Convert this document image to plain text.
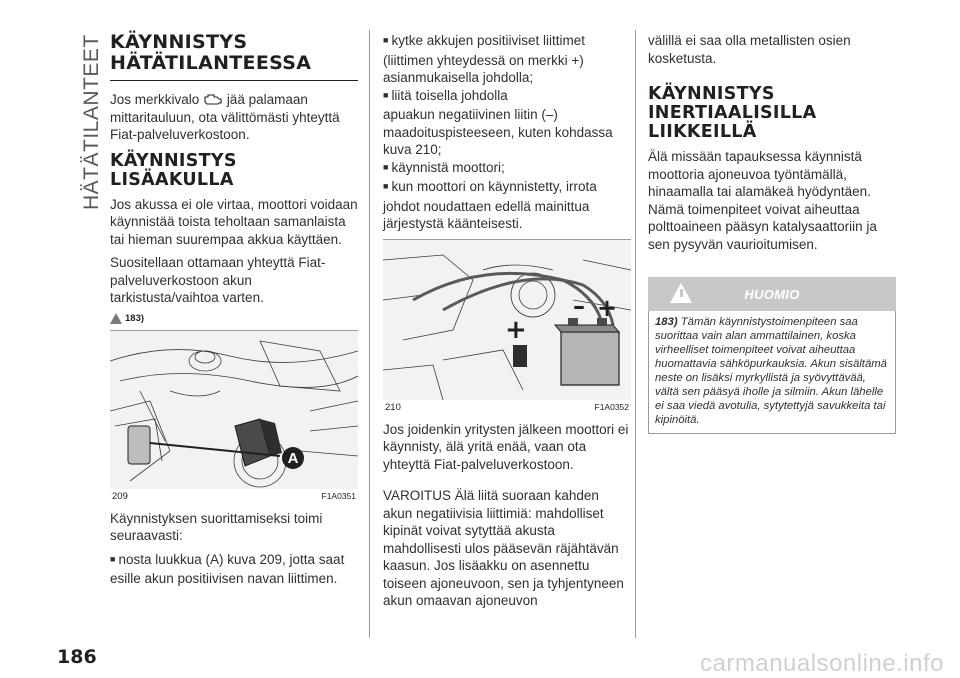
HÄTÄTILANTEET KÄYNNISTYS HÄTÄTILANTEESSA

Jos merkkivalo jää palamaan mittaritauluun, ota välittömästi yhteyttä Fiat-palveluverkostoon.

KÄYNNISTYS LISÄAKULLA

Jos akussa ei ole virtaa, moottori voidaan käynnistää toista teholtaan samanlaista tai hieman suurempaa akkua käyttäen.

Suositellaan ottamaan yhteyttä Fiat-palveluverkostoon akun tarkistusta/vaihtoa varten.

183)
A
209	F1A0351

Käynnistyksen suorittamiseksi toimi seuraavasti:

■ nosta luukkua (A) kuva 209, jotta saat esille akun positiivisen navan liittimen.

■ kytke akkujen positiiviset liittimet (liittimen yhteydessä on merkki +) asianmukaisella johdolla;

■ liitä toisella johdolla

apuakun negatiivinen liitin (–) maadoituspisteeseen, kuten kohdassa kuva 210;

■ käynnistä moottori;

■ kun moottori on käynnistetty, irrota johdot noudattaen edellä mainittua järjestystä käänteisesti.

+
– +
210	F1A0352

Jos joidenkin yritysten jälkeen moottori ei käynnisty, älä yritä enää, vaan ota yhteyttä Fiat-palveluverkostoon.

VAROITUS Älä liitä suoraan kahden akun negatiivisia liittimiä: mahdolliset kipinät voivat sytyttää akusta mahdollisesti ulos pääsevän räjähtävän kaasun. Jos lisäakku on asennettu toiseen ajoneuvoon, sen ja tyhjentyneen akun omaavan ajoneuvon

välillä ei saa olla metallisten osien kosketusta.

KÄYNNISTYS INERTIAALISILLA LIIKKEILLÄ

Älä missään tapauksessa käynnistä moottoria ajoneuvoa työntämällä, hinaamalla tai alamäkeä hyödyntäen. Nämä toimenpiteet voivat aiheuttaa polttoaineen pääsyn katalysaattoriin ja sen pysyvän vaurioitumisen.

HUOMIO

183) Tämän käynnistystoimenpiteen saa suorittaa vain alan ammattilainen, koska virheelliset toimenpiteet voivat aiheuttaa huomattavia sähköpurkauksia. Akun sisältämä neste on lisäksi myrkyllistä ja syövyttävää, vältä sen pääsyä iholle ja silmiin. Akun lähelle ei saa viedä avotulia, sytytettyjä savukkeita tai kipinöitä.

186	carmanualsonline.info
